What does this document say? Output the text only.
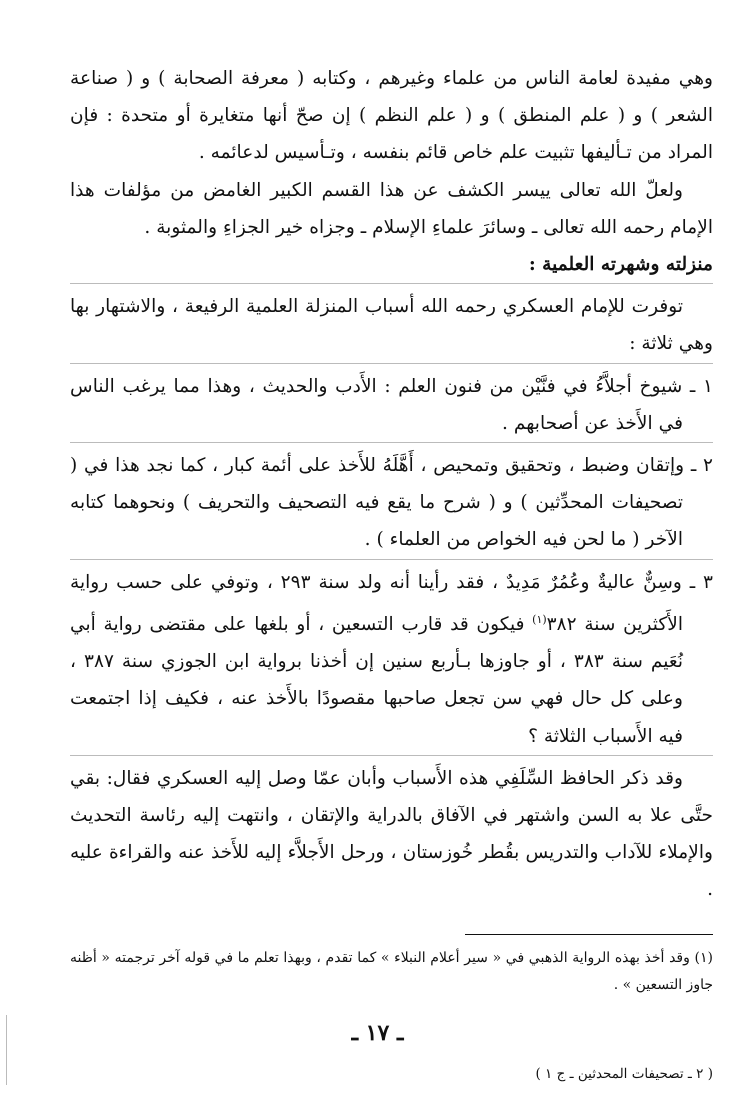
وهي مفيدة لعامة الناس من علماء وغيرهم ، وكتابه ( معرفة الصحابة ) و ( صناعة الشعر ) و ( علم المنطق ) و ( علم النظم ) إن صحّ أنها متغايرة أو متحدة : فإن المراد من تـأليفها تثبيت علم خاص قائم بنفسه ، وتـأسيس لدعائمه .

ولعلّ الله تعالى ييسر الكشف عن هذا القسم الكبير الغامض من مؤلفات هذا الإمام رحمه الله تعالى ـ وسائرَ علماءِ الإسلام ـ وجزاه خير الجزاءِ والمثوبة .

منزلته وشهرته العلمية :

توفرت للإمام العسكري رحمه الله أسباب المنزلة العلمية الرفيعة ، والاشتهار بها وهي ثلاثة :

١ ـ شيوخ أجلاَّءُ في فنَّيْن من فنون العلم : الأَدب والحديث ، وهذا مما يرغب الناس في الأَخذ عن أصحابهم .

٢ ـ وإتقان وضبط ، وتحقيق وتمحيص ، أَهَّلَهُ للأَخذ على أئمة كبار ، كما نجد هذا في ( تصحيفات المحدِّثين ) و ( شرح ما يقع فيه التصحيف والتحريف ) ونحوهما كتابه الآخر ( ما لحن فيه الخواص من العلماء ) .

٣ ـ وسِنٌّ عاليةٌ وعُمُرٌ مَدِيدٌ ، فقد رأينا أنه ولد سنة ٢٩٣ ، وتوفي على حسب رواية الأَكثرين سنة ٣٨٢$^{(١)}$ فيكون قد قارب التسعين ، أو بلغها على مقتضى رواية أبي نُعَيم سنة ٣٨٣ ، أو جاوزها بـأربع سنين إن أخذنا برواية ابن الجوزي سنة ٣٨٧ ، وعلى كل حال فهي سن تجعل صاحبها مقصودًا بالأَخذ عنه ، فكيف إذا اجتمعت فيه الأَسباب الثلاثة ؟

وقد ذكر الحافظ السِّلَفِي هذه الأَسباب وأبان عمّا وصل إليه العسكري فقال: بقي حتَّى علا به السن واشتهر في الآفاق بالدراية والإتقان ، وانتهت إليه رئاسة التحديث والإملاء للآداب والتدريس بقُطر خُوزستان ، ورحل الأَجلاَّء إليه للأَخذ عنه والقراءة عليه .

(١) وقد أخذ بهذه الرواية الذهبي في « سير أعلام النبلاء » كما تقدم ، وبهذا تعلم ما في قوله آخر ترجمته « أظنه جاوز التسعين » .

ـ ١٧ ـ
( ٢ ـ تصحيفات المحدثين ـ ج ١ )
